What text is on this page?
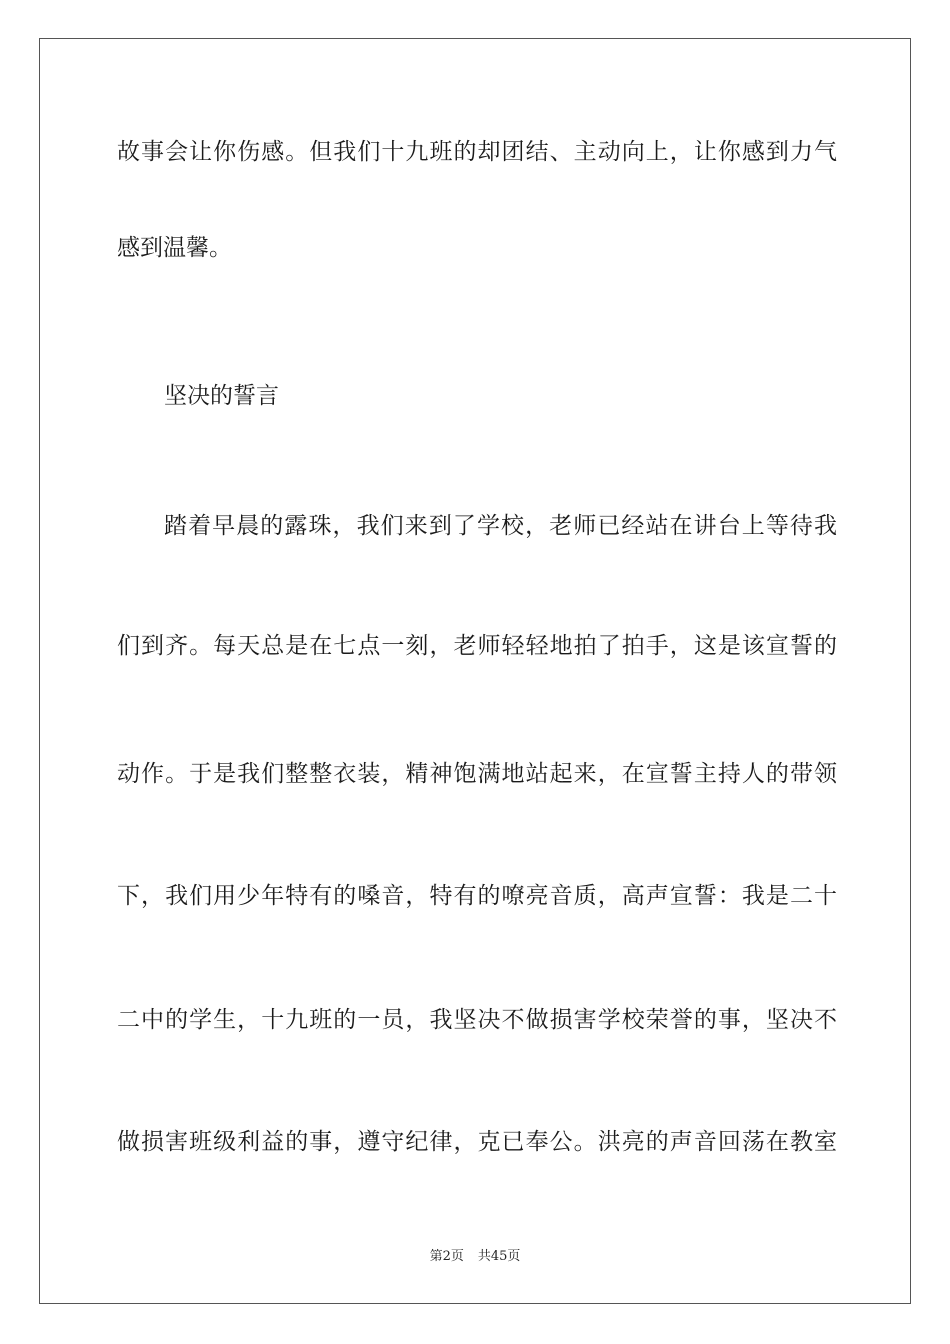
故事会让你伤感。但我们十九班的却团结、主动向上，让你感到力气
感到温馨。
坚决的誓言
踏着早晨的露珠，我们来到了学校，老师已经站在讲台上等待我
们到齐。每天总是在七点一刻，老师轻轻地拍了拍手，这是该宣誓的
动作。于是我们整整衣装，精神饱满地站起来，在宣誓主持人的带领
下，我们用少年特有的嗓音，特有的嘹亮音质，高声宣誓：我是二十
二中的学生，十九班的一员，我坚决不做损害学校荣誉的事，坚决不
做损害班级利益的事，遵守纪律，克已奉公。洪亮的声音回荡在教室
第2页 共45页
